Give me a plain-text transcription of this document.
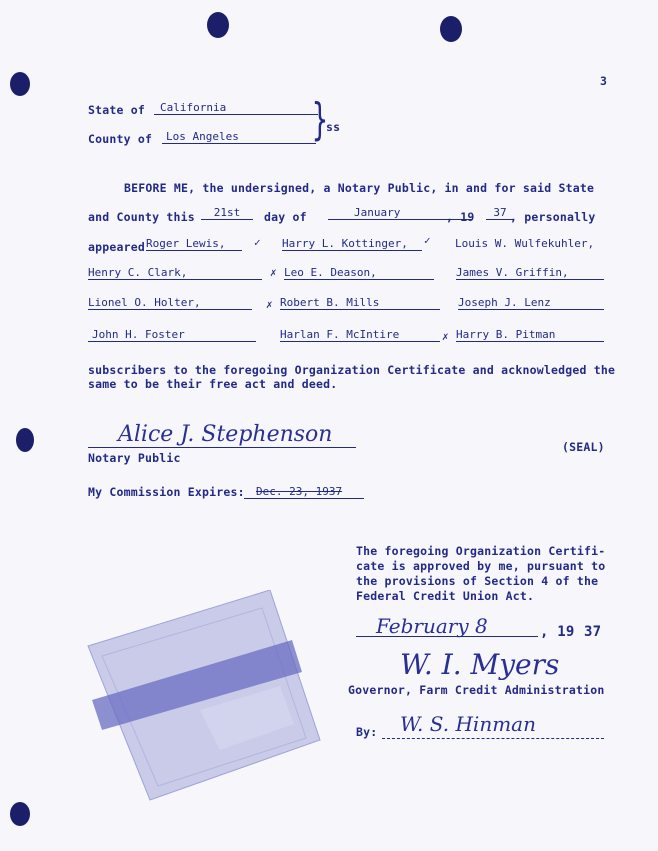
3
State of	California
County of	Los Angeles	}
ss
BEFORE ME, the undersigned, a Notary Public, in and for said State
and County this	21st	day of	January	, 19	37 , personally
appeared Roger Lewis,	✓ Harry L. Kottinger,	✓ Louis W. Wulfekuhler,
Henry C. Clark,	✗ Leo E. Deason,	James V. Griffin,
Lionel O. Holter,	✗ Robert B. Mills	Joseph J. Lenz
John H. Foster	Harlan F. McIntire	✗ Harry B. Pitman
subscribers to the foregoing Organization Certificate and acknowledged the
same to be their free act and deed.
Alice J. Stephenson
Notary Public
(SEAL)
My Commission Expires:	Dec. 23, 1937
The foregoing Organization Certifi-
cate is approved by me, pursuant to
the provisions of Section 4 of the
Federal Credit Union Act.
February 8	, 19 37
W. I. Myers
Governor, Farm Credit Administration
By: W. S. Hinman
